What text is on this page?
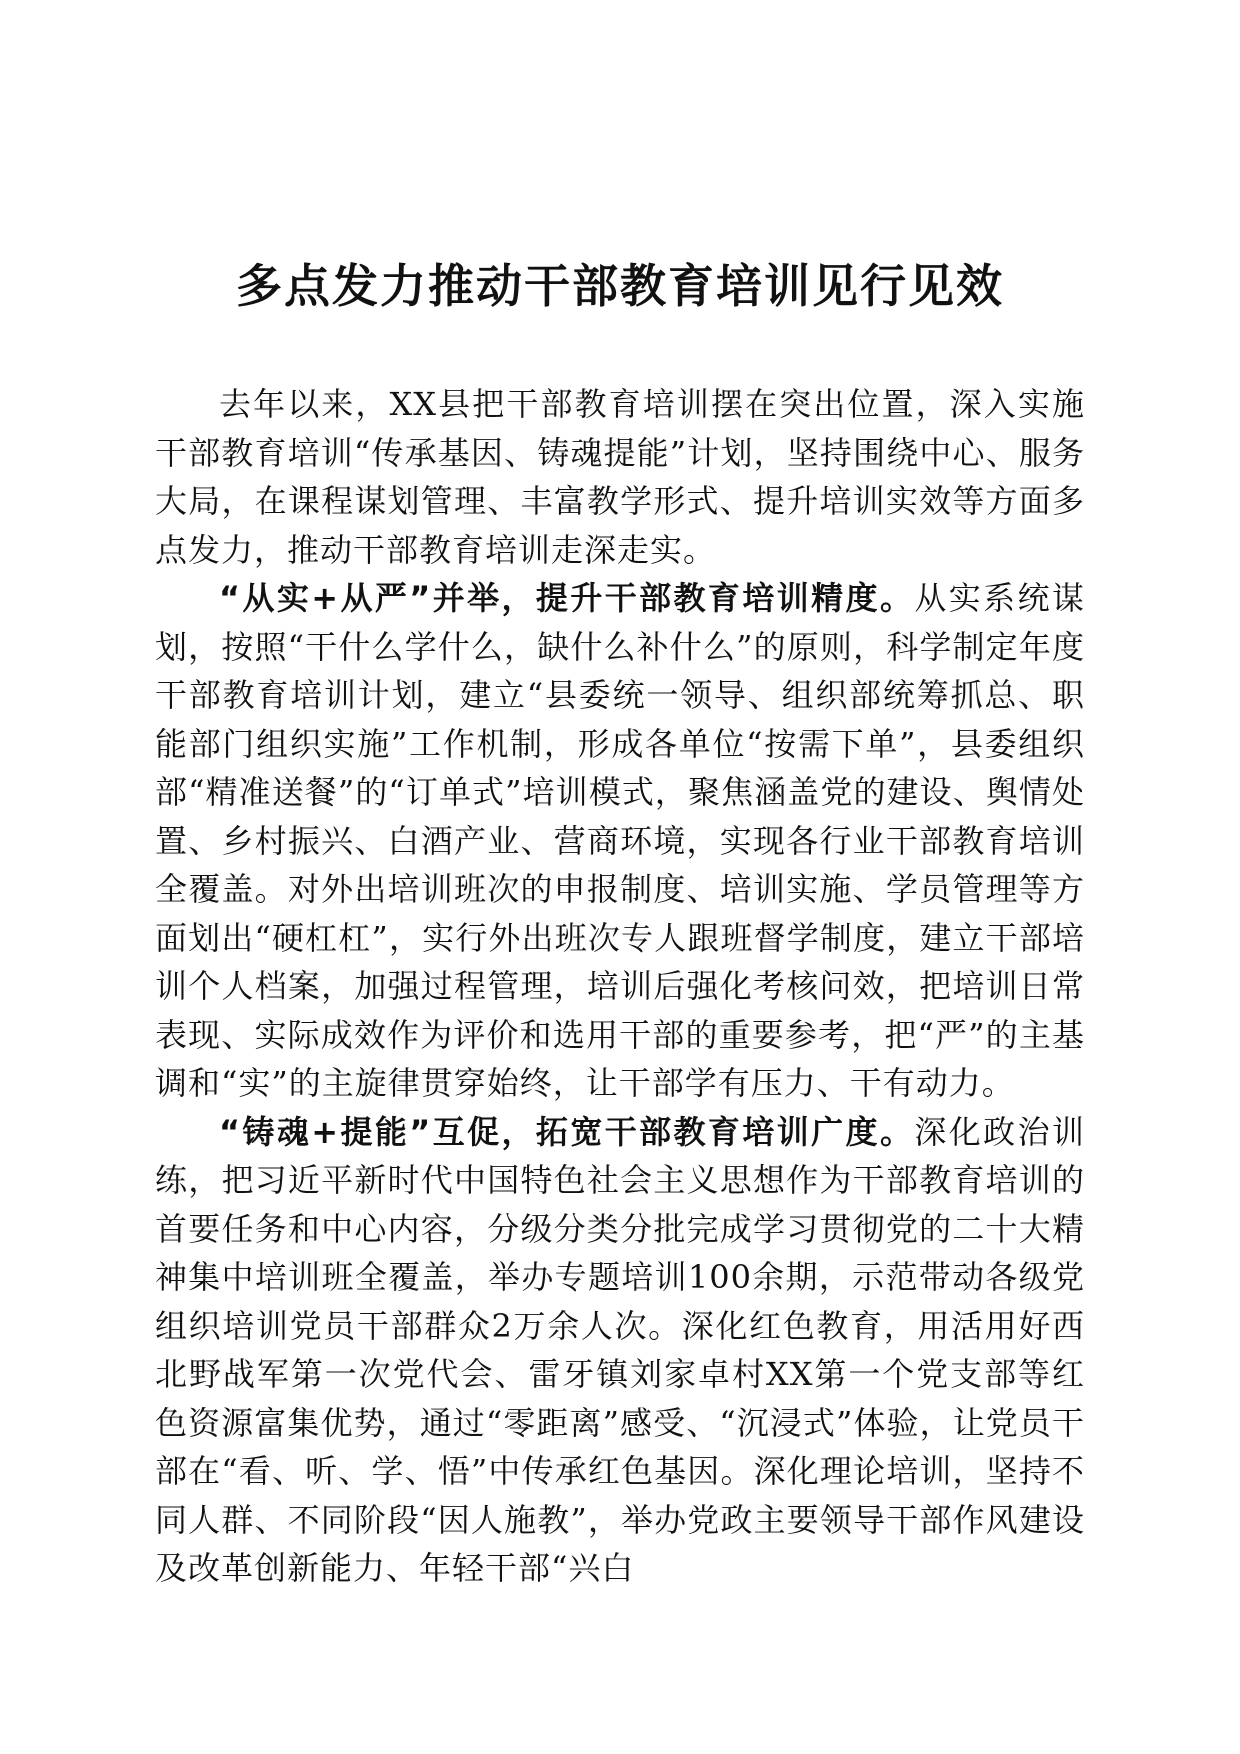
多点发力推动干部教育培训见行见效

去年以来，XX县把干部教育培训摆在突出位置，深入实施干部教育培训“传承基因、铸魂提能”计划，坚持围绕中心、服务大局，在课程谋划管理、丰富教学形式、提升培训实效等方面多点发力，推动干部教育培训走深走实。

“从实+从严”并举，提升干部教育培训精度。从实系统谋划，按照“干什么学什么，缺什么补什么”的原则，科学制定年度干部教育培训计划，建立“县委统一领导、组织部统筹抓总、职能部门组织实施”工作机制，形成各单位“按需下单”，县委组织部“精准送餐”的“订单式”培训模式，聚焦涵盖党的建设、舆情处置、乡村振兴、白酒产业、营商环境，实现各行业干部教育培训全覆盖。对外出培训班次的申报制度、培训实施、学员管理等方面划出“硬杠杠”，实行外出班次专人跟班督学制度，建立干部培训个人档案，加强过程管理，培训后强化考核问效，把培训日常表现、实际成效作为评价和选用干部的重要参考，把“严”的主基调和“实”的主旋律贯穿始终，让干部学有压力、干有动力。

“铸魂+提能”互促，拓宽干部教育培训广度。深化政治训练，把习近平新时代中国特色社会主义思想作为干部教育培训的首要任务和中心内容，分级分类分批完成学习贯彻党的二十大精神集中培训班全覆盖，举办专题培训100余期，示范带动各级党组织培训党员干部群众2万余人次。深化红色教育，用活用好西北野战军第一次党代会、雷牙镇刘家卓村XX第一个党支部等红色资源富集优势，通过“零距离”感受、“沉浸式”体验，让党员干部在“看、听、学、悟”中传承红色基因。深化理论培训，坚持不同人群、不同阶段“因人施教”，举办党政主要领导干部作风建设及改革创新能力、年轻干部“兴白
